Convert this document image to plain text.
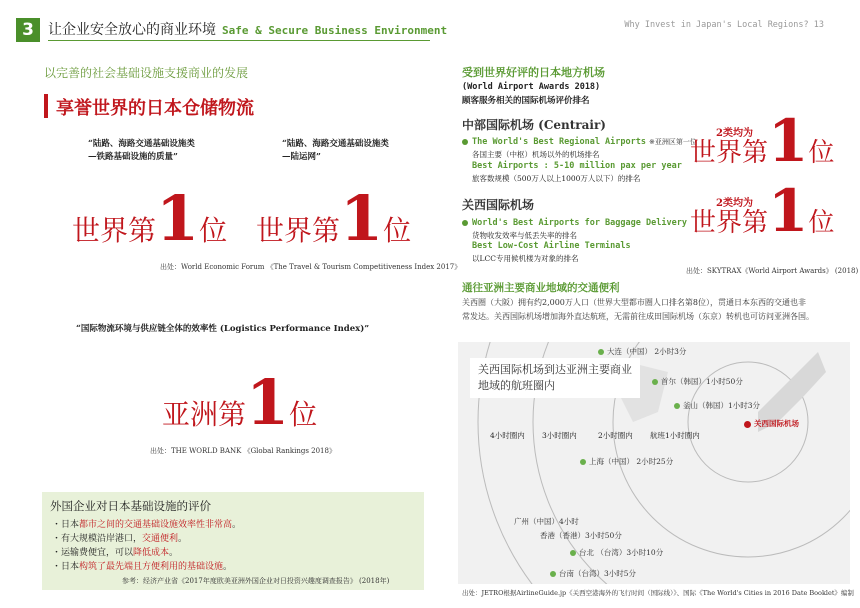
3	让企业安全放心的商业环境 Safe & Secure Business Environment	Why Invest in Japan's Local Regions? 13
以完善的社会基础设施支援商业的发展
享誉世界的日本仓储物流
“陆路、海路交通基础设施类
—铁路基础设施的质量”
“陆路、海路交通基础设施类
—陆运网”
世界第1位 世界第1位
出处：World Economic Forum 《The Travel & Tourism Competitiveness Index 2017》
“国际物流环境与供应链全体的效率性 (Logistics Performance Index)”
亚洲第1位
出处：THE WORLD BANK 《Global Rankings 2018》
外国企业对日本基础设施的评价
・日本都市之间的交通基础设施效率性非常高。
・有大规模沿岸港口，交通便利。
・运输费便宜，可以降低成本。
・日本构筑了最先端且方便利用的基础设施。
参考：经济产业省《2017年度欧美亚洲外国企业对日投资兴趣度调查报告》 (2018年)
受到世界好评的日本地方机场
(World Airport Awards 2018)
顾客服务相关的国际机场评价排名
中部国际机场 (Centrair)
The World's Best Regional Airports ※亚洲区第一位
各国主要（中枢）机场以外的机场排名
Best Airports : 5-10 million pax per year
旅客数规模（500万人以上1000万人以下）的排名
关西国际机场
World's Best Airports for Baggage Delivery
货物收发效率与低丢失率的排名
Best Low-Cost Airline Terminals
以LCC专用候机楼为对象的排名
2类均为
世界第1位
2类均为
世界第1位
出处：SKYTRAX《World Airport Awards》 (2018)
通往亚洲主要商业地域的交通便利
关西圈（大阪）拥有约2,000万人口（世界大型都市圈人口排名第8位），贯通日本东西的交通也非
常发达。关西国际机场增加海外直达航班，无需前往成田国际机场（东京）转机也可访问亚洲各国。
关西国际机场到达亚洲主要商业
地域的航班圈内
大连（中国） 2小时3分
首尔（韩国）1小时50分
釜山（韩国）1小时3分
关西国际机场
4小时圈内 3小时圈内	2小时圈内 航班1小时圈内
上海（中国） 2小时25分
广州（中国）4小时
香港（香港）3小时50分
台北 （台湾）3小时10分
台南（台湾）3小时5分
出处：JETRO根据AirlineGuide.jp《关西空港海外的飞行时间（国际线）》、国际《The World's Cities in 2016 Date Booklet》编制
